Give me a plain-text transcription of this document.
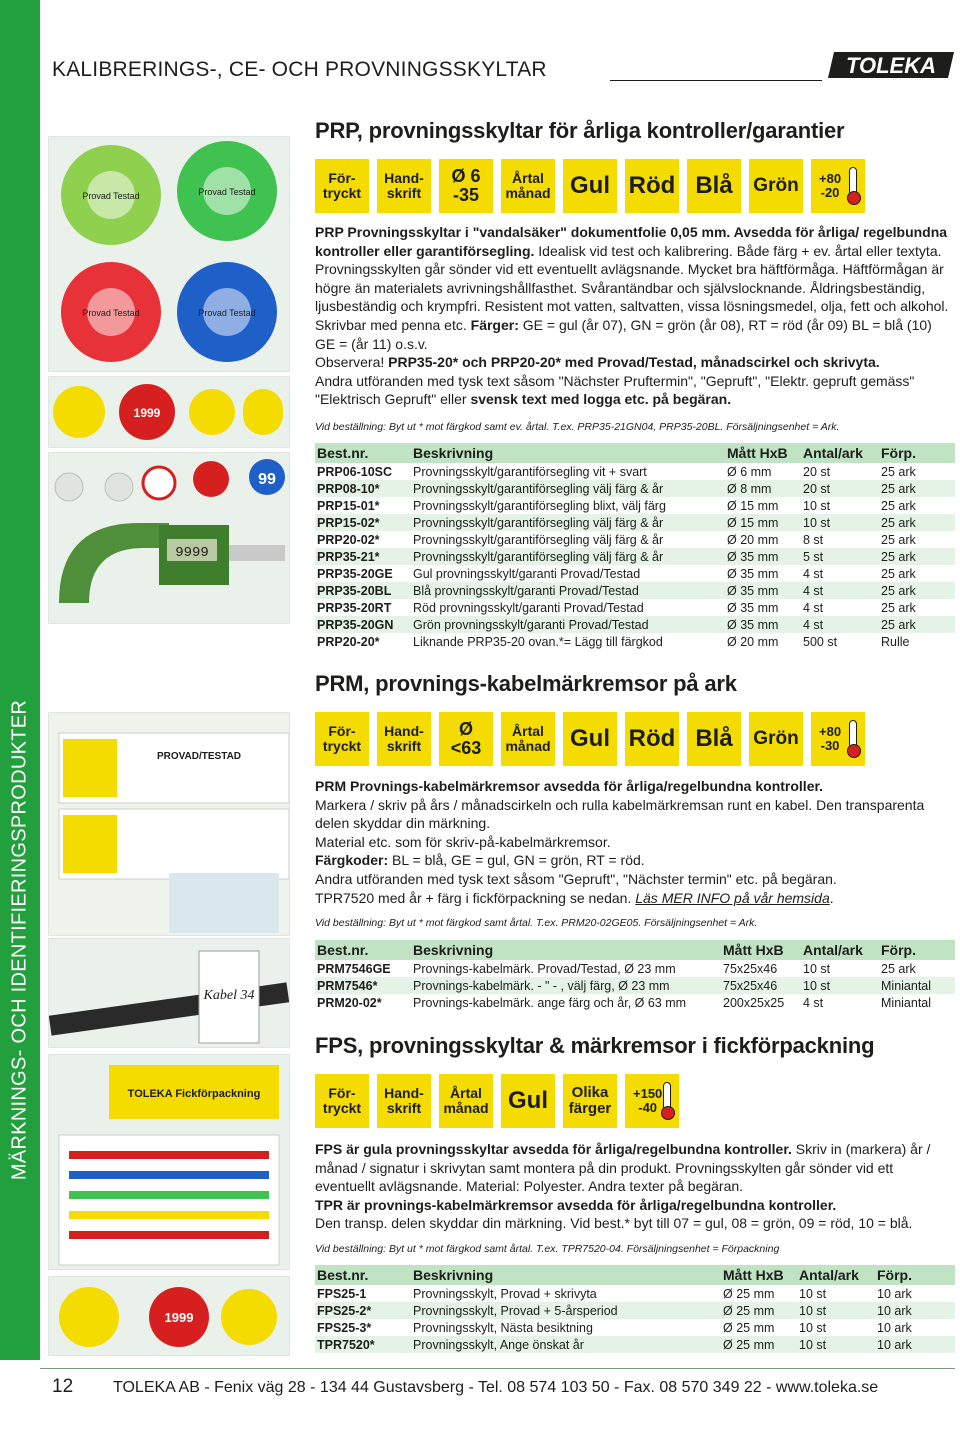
MÄRKNINGS- OCH IDENTIFIERINGSPRODUKTER
KALIBRERINGS-, CE- OCH PROVNINGSSKYLTAR	TOLEKA
Provad Testad	Provad Testad
Provad Testad	Provad Testad
1999
99
9999
PROVAD/TESTAD
Kabel 34
TOLEKA Fickförpackning
1999
PRP, provningsskyltar för årliga kontroller/garantier
För-
tryckt
Hand-
skrift
Ø 6
-35
Årtal
månad Gul Röd Blå	Grön	+80
-20
PRP Provningsskyltar i "vandalsäker" dokumentfolie 0,05 mm. Avsedda för årliga/ regelbundna kontroller eller garantiförsegling. Idealisk vid test och kalibrering. Både färg + ev. årtal eller textyta. Provningsskylten går sönder vid ett eventuellt avlägsnande. Mycket bra häftförmåga. Häftförmågan är högre än materialets avrivningshållfasthet. Svårantändbar och självslocknande. Åldringsbeständig, ljusbeständig och krympfri. Resistent mot vatten, saltvatten, vissa lösningsmedel, olja, fett och alkohol. Skrivbar med penna etc. Färger: GE = gul (år 07), GN = grön (år 08), RT = röd (år 09) BL = blå (10) GE = (år 11) o.s.v.
Observera! PRP35-20* och PRP20-20* med Provad/Testad, månadscirkel och skrivyta.
Andra utföranden med tysk text såsom "Nächster Pruftermin", "Gepruft", "Elektr. gepruft gemäss" "Elektrisch Gepruft" eller svensk text med logga etc. på begäran.
Vid beställning: Byt ut * mot färgkod samt ev. årtal. T.ex. PRP35-21GN04, PRP35-20BL. Försäljningsenhet = Ark.
Best.nr.	Beskrivning	Mått HxB	Antal/ark	Förp.
PRP06-10SC	Provningsskylt/garantiförsegling vit + svart	Ø 6 mm	20 st	25 ark
PRP08-10*	Provningsskylt/garantiförsegling välj färg & år	Ø 8 mm	20 st	25 ark
PRP15-01*	Provningsskylt/garantiförsegling blixt, välj färg	Ø 15 mm	10 st	25 ark
PRP15-02*	Provningsskylt/garantiförsegling välj färg & år	Ø 15 mm	10 st	25 ark
PRP20-02*	Provningsskylt/garantiförsegling välj färg & år	Ø 20 mm	8 st	25 ark
PRP35-21*	Provningsskylt/garantiförsegling välj färg & år	Ø 35 mm	5 st	25 ark
PRP35-20GE	Gul provningsskylt/garanti Provad/Testad	Ø 35 mm	4 st	25 ark
PRP35-20BL	Blå provningsskylt/garanti Provad/Testad	Ø 35 mm	4 st	25 ark
PRP35-20RT	Röd provningsskylt/garanti Provad/Testad	Ø 35 mm	4 st	25 ark
PRP35-20GN	Grön provningsskylt/garanti Provad/Testad	Ø 35 mm	4 st	25 ark
PRP20-20*	Liknande PRP35-20 ovan.*= Lägg till färgkod	Ø 20 mm	500 st	Rulle
PRM, provnings-kabelmärkremsor på ark
För-
tryckt
Hand-
skrift
Ø
<63
Årtal
månad Gul Röd Blå	Grön	+80
-30
PRM Provnings-kabelmärkremsor avsedda för årliga/regelbundna kontroller.
Markera / skriv på års / månadscirkeln och rulla kabelmärkremsan runt en kabel. Den transparenta delen skyddar din märkning.
Material etc. som för skriv-på-kabelmärkremsor.
Färgkoder: BL = blå, GE = gul, GN = grön, RT = röd.
Andra utföranden med tysk text såsom "Gepruft", "Nächster termin" etc. på begäran.
TPR7520 med år + färg i fickförpackning se nedan. Läs MER INFO på vår hemsida.
Vid beställning: Byt ut * mot färgkod samt årtal. T.ex. PRM20-02GE05. Försäljningsenhet = Ark.
Best.nr.	Beskrivning	Mått HxB	Antal/ark	Förp.
PRM7546GE	Provnings-kabelmärk. Provad/Testad, Ø 23 mm	75x25x46	10 st	25 ark
PRM7546*	Provnings-kabelmärk. - " - , välj färg, Ø 23 mm	75x25x46	10 st	Miniantal
PRM20-02*	Provnings-kabelmärk. ange färg och år, Ø 63 mm	200x25x25	4 st	Miniantal
FPS, provningsskyltar & märkremsor i fickförpackning
För-
tryckt
Hand-
skrift
Årtal
månad Gul	Olika
färger
+150
-40
FPS är gula provningsskyltar avsedda för årliga/regelbundna kontroller. Skriv in (markera) år / månad / signatur i skrivytan samt montera på din produkt. Provningsskylten går sönder vid ett eventuellt avlägsnande. Material: Polyester. Andra texter på begäran.
TPR är provnings-kabelmärkremsor avsedda för årliga/regelbundna kontroller.
Den transp. delen skyddar din märkning. Vid best.* byt till 07 = gul, 08 = grön, 09 = röd, 10 = blå.
Vid beställning: Byt ut * mot färgkod samt årtal. T.ex. TPR7520-04. Försäljningsenhet = Förpackning
Best.nr.	Beskrivning	Mått HxB	Antal/ark	Förp.
FPS25-1	Provningsskylt, Provad + skrivyta	Ø 25 mm	10 st	10 ark
FPS25-2*	Provningsskylt, Provad + 5-årsperiod	Ø 25 mm	10 st	10 ark
FPS25-3*	Provningsskylt, Nästa besiktning	Ø 25 mm	10 st	10 ark
TPR7520*	Provningsskylt, Ange önskat år	Ø 25 mm	10 st	10 ark
12 TOLEKA AB - Fenix väg 28 - 134 44 Gustavsberg - Tel. 08 574 103 50 - Fax. 08 570 349 22 - www.toleka.se
